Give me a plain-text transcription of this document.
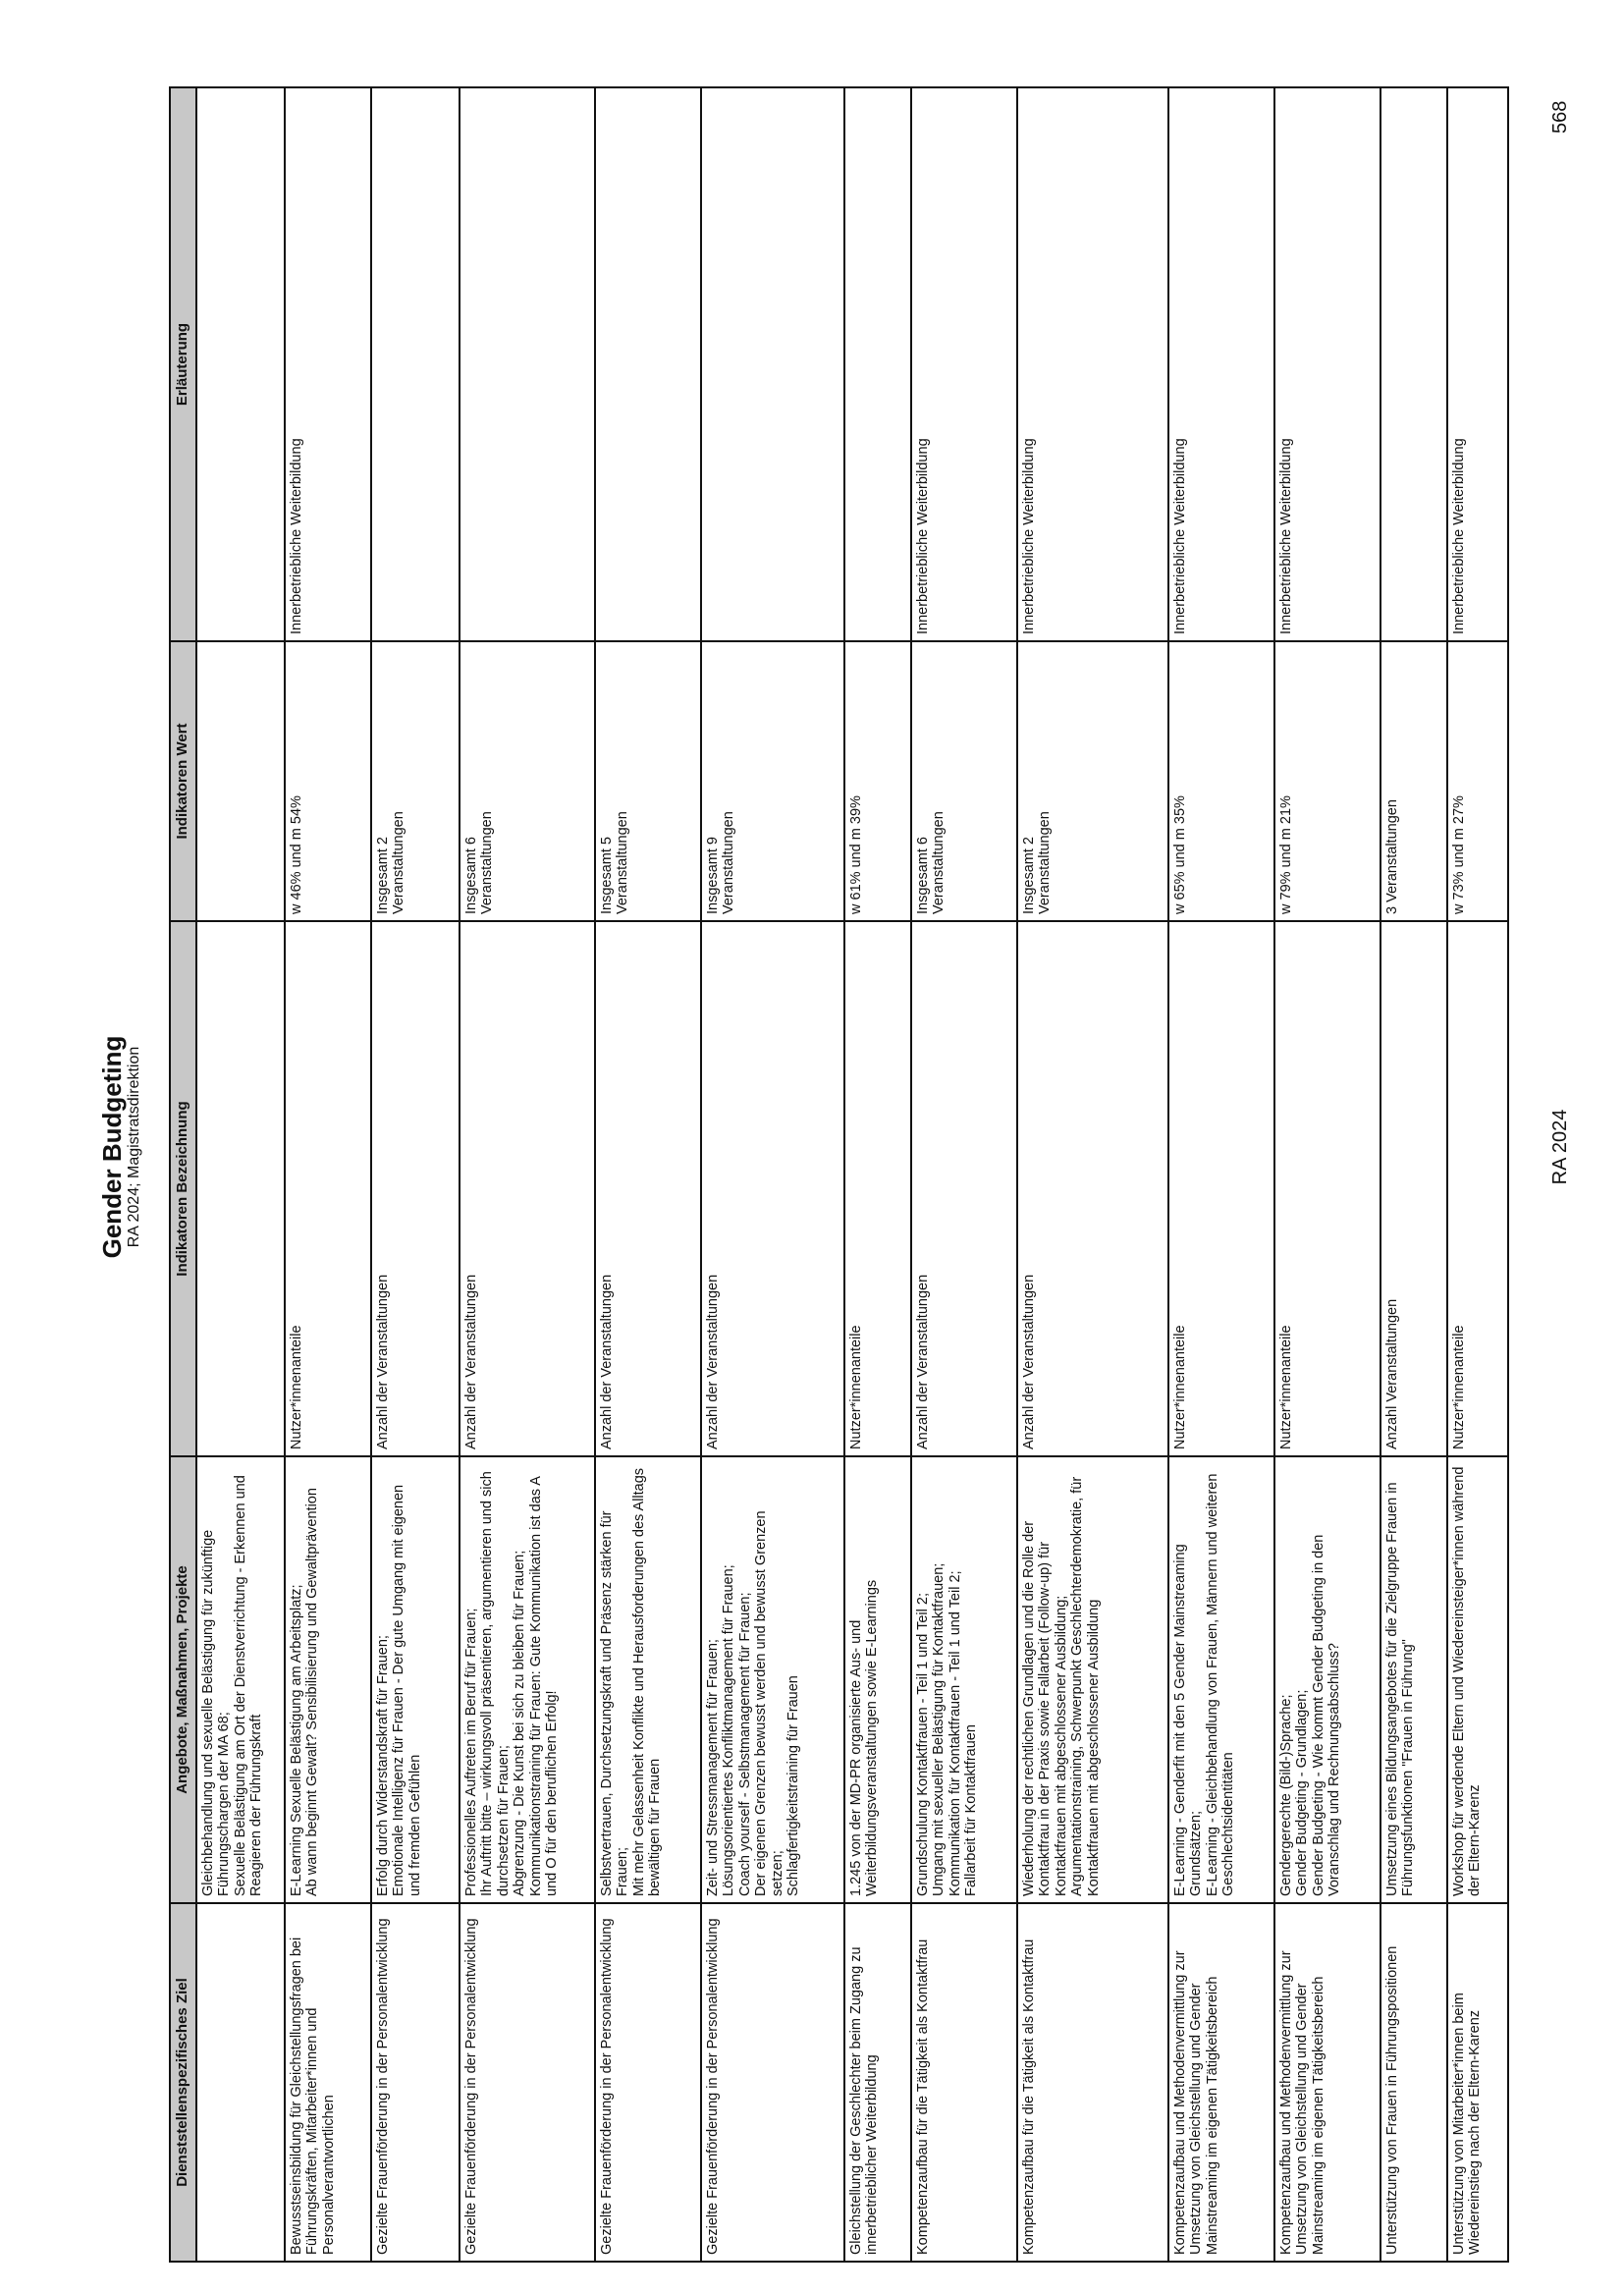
Gender Budgeting RA 2024; Magistratsdirektion

Dienststellenspezifisches Ziel	Angebote, Maßnahmen, Projekte	Indikatoren Bezeichnung	Indikatoren Wert	Erläuterung
	Gleichbehandlung und sexuelle Belästigung für zukünftige Führungschargen der MA 68;
Sexuelle Belästigung am Ort der Dienstverrichtung - Erkennen und Reagieren der Führungskraft			
Bewusstseinsbildung für Gleichstellungsfragen bei Führungskräften, Mitarbeiter*innen und Personalverantwortlichen	E-Learning Sexuelle Belästigung am Arbeitsplatz;
Ab wann beginnt Gewalt? Sensibilisierung und Gewaltprävention	Nutzer*innenanteile	w 46% und m 54%	Innerbetriebliche Weiterbildung
Gezielte Frauenförderung in der Personalentwicklung	Erfolg durch Widerstandskraft für Frauen;
Emotionale Intelligenz für Frauen - Der gute Umgang mit eigenen und fremden Gefühlen	Anzahl der Veranstaltungen	Insgesamt 2
Veranstaltungen	
Gezielte Frauenförderung in der Personalentwicklung	Professionelles Auftreten im Beruf für Frauen;
Ihr Auftritt bitte – wirkungsvoll präsentieren, argumentieren und sich durchsetzen für Frauen;
Abgrenzung - Die Kunst bei sich zu bleiben für Frauen;
Kommunikationstraining für Frauen: Gute Kommunikation ist das A und O für den beruflichen Erfolg!	Anzahl der Veranstaltungen	Insgesamt 6
Veranstaltungen	
Gezielte Frauenförderung in der Personalentwicklung	Selbstvertrauen, Durchsetzungskraft und Präsenz stärken für Frauen;
Mit mehr Gelassenheit Konflikte und Herausforderungen des Alltags bewältigen für Frauen	Anzahl der Veranstaltungen	Insgesamt 5
Veranstaltungen	
Gezielte Frauenförderung in der Personalentwicklung	Zeit- und Stressmanagement für Frauen;
Lösungsorientiertes Konfliktmanagement für Frauen;
Coach yourself - Selbstmanagement für Frauen;
Der eigenen Grenzen bewusst werden und bewusst Grenzen setzen;
Schlagfertigkeitstraining für Frauen	Anzahl der Veranstaltungen	Insgesamt 9
Veranstaltungen	
Gleichstellung der Geschlechter beim Zugang zu innerbetrieblicher Weiterbildung	1.245 von der MD-PR organisierte Aus- und Weiterbildungsveranstaltungen sowie E-Learnings	Nutzer*innenanteile	w 61% und m 39%	
Kompetenzaufbau für die Tätigkeit als Kontaktfrau	Grundschulung Kontaktfrauen - Teil 1 und Teil 2;
Umgang mit sexueller Belästigung für Kontaktfrauen;
Kommunikation für Kontaktfrauen - Teil 1 und Teil 2;
Fallarbeit für Kontaktfrauen	Anzahl der Veranstaltungen	Insgesamt 6
Veranstaltungen	Innerbetriebliche Weiterbildung
Kompetenzaufbau für die Tätigkeit als Kontaktfrau	Wiederholung der rechtlichen Grundlagen und die Rolle der Kontaktfrau in der Praxis sowie Fallarbeit (Follow-up) für Kontaktfrauen mit abgeschlossener Ausbildung;
Argumentationstraining, Schwerpunkt Geschlechterdemokratie, für Kontaktfrauen mit abgeschlossener Ausbildung	Anzahl der Veranstaltungen	Insgesamt 2
Veranstaltungen	Innerbetriebliche Weiterbildung
Kompetenzaufbau und Methodenvermittlung zur Umsetzung von Gleichstellung und Gender Mainstreaming im eigenen Tätigkeitsbereich	E-Learning - Genderfit mit den 5 Gender Mainstreaming Grundsätzen;
E-Learning - Gleichbehandlung von Frauen, Männern und weiteren Geschlechtsidentitäten	Nutzer*innenanteile	w 65% und m 35%	Innerbetriebliche Weiterbildung
Kompetenzaufbau und Methodenvermittlung zur Umsetzung von Gleichstellung und Gender Mainstreaming im eigenen Tätigkeitsbereich	Gendergerechte (Bild-)Sprache;
Gender Budgeting - Grundlagen;
Gender Budgeting - Wie kommt Gender Budgeting in den Voranschlag und Rechnungsabschluss?	Nutzer*innenanteile	w 79% und m 21%	Innerbetriebliche Weiterbildung
Unterstützung von Frauen in Führungspositionen	Umsetzung eines Bildungsangebotes für die Zielgruppe Frauen in Führungsfunktionen "Frauen in Führung"	Anzahl Veranstaltungen	3 Veranstaltungen	
Unterstützung von Mitarbeiter*innen beim Wiedereinstieg nach der Eltern-Karenz	Workshop für werdende Eltern und Wiedereinsteiger*innen während der Eltern-Karenz	Nutzer*innenanteile	w 73% und m 27%	Innerbetriebliche Weiterbildung
RA 2024
568
